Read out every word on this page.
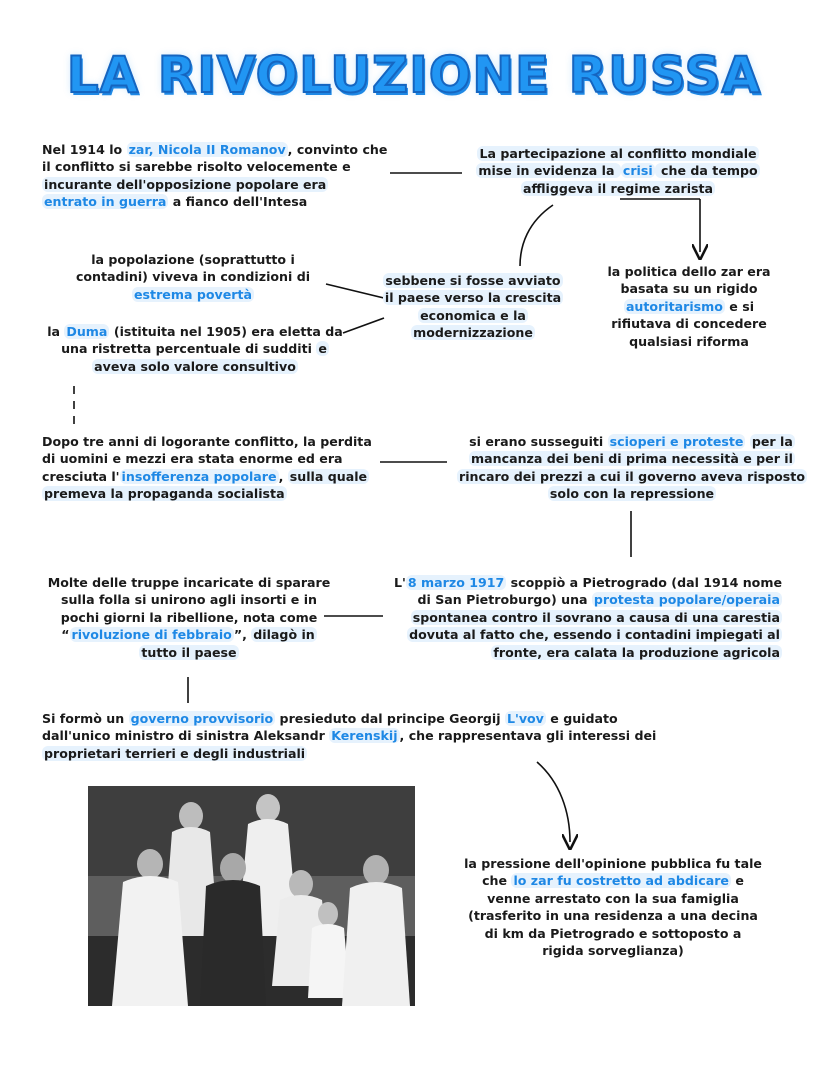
LA RIVOLUZIONE RUSSA
Nel 1914 lo zar, Nicola II Romanov , convinto che il conflitto si sarebbe risolto velocemente e incurante dell'opposizione popolare era
entrato in guerra a fianco dell'Intesa
La partecipazione al conflitto mondiale mise in evidenza la crisi che da tempo affliggeva il regime zarista
la popolazione (soprattutto i contadini) viveva in condizioni di
estrema povertà
sebbene si fosse avviato il paese verso la crescita economica e la modernizzazione
la politica dello zar era basata su un rigido autoritarismo e si rifiutava di concedere qualsiasi riforma
la Duma (istituita nel 1905) era eletta da una ristretta percentuale di sudditi e aveva solo valore consultivo
Dopo tre anni di logorante conflitto, la perdita di uomini e mezzi era stata enorme ed era cresciuta l' insofferenza popolare , sulla quale premeva la propaganda socialista
si erano susseguiti scioperi e proteste per la mancanza dei beni di prima necessità e per il rincaro dei prezzi a cui il governo aveva risposto solo con la repressione
Molte delle truppe incaricate di sparare sulla folla si unirono agli insorti e in pochi giorni la ribellione, nota come “ rivoluzione di febbraio ”, dilagò in tutto il paese
L' 8 marzo 1917 scoppiò a Pietrogrado (dal 1914 nome di San Pietroburgo) una protesta popolare/operaia spontanea contro il sovrano a causa di una carestia dovuta al fatto che, essendo i contadini impiegati al fronte, era calata la produzione agricola
Si formò un governo provvisorio presieduto dal principe Georgij L'vov e guidato dall'unico ministro di sinistra Aleksandr Kerenskij , che rappresentava gli interessi dei proprietari terrieri e degli industriali
la pressione dell'opinione pubblica fu tale che lo zar fu costretto ad abdicare e venne arrestato con la sua famiglia (trasferito in una residenza a una decina di km da Pietrogrado e sottoposto a rigida sorveglianza)
